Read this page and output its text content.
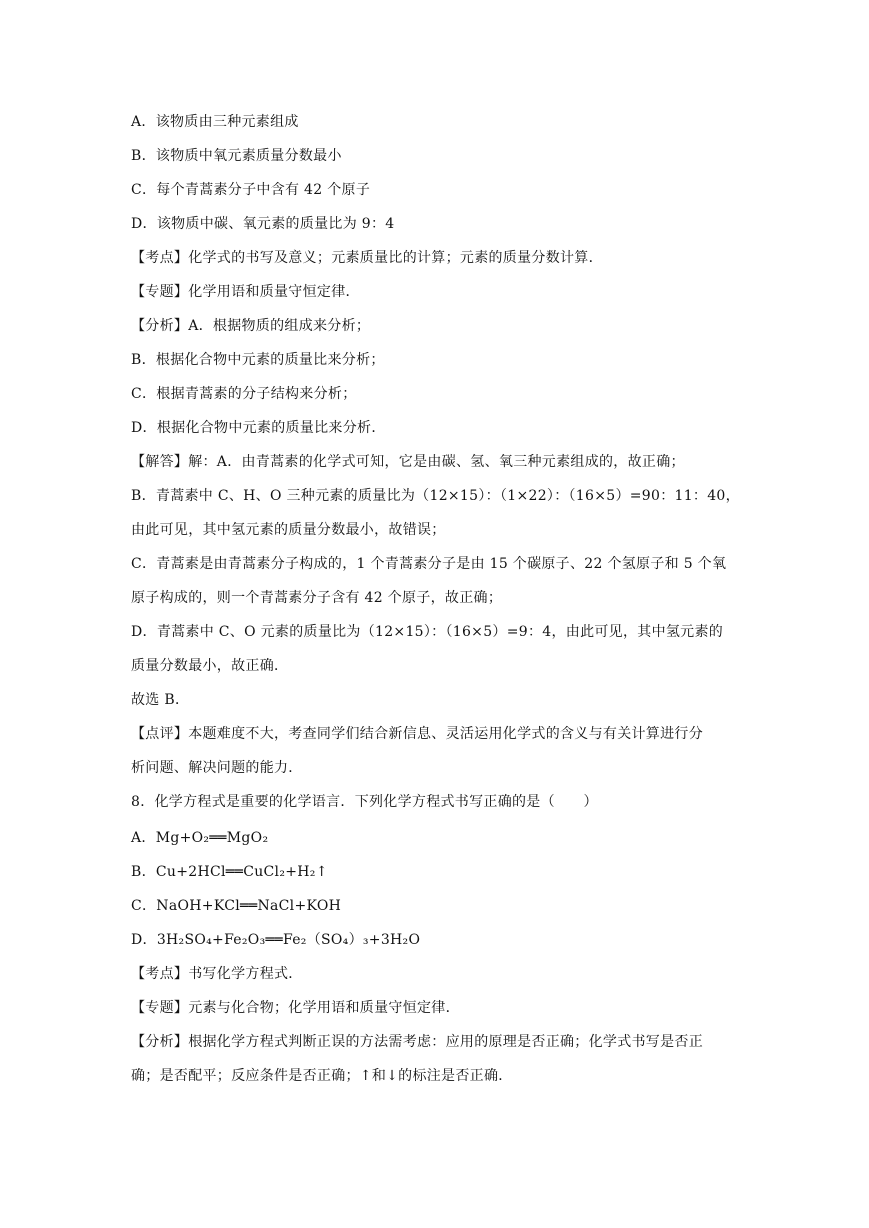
A．该物质由三种元素组成
B．该物质中氧元素质量分数最小
C．每个青蒿素分子中含有 42 个原子
D．该物质中碳、氧元素的质量比为 9：4
【考点】化学式的书写及意义；元素质量比的计算；元素的质量分数计算．
【专题】化学用语和质量守恒定律．
【分析】A．根据物质的组成来分析；
B．根据化合物中元素的质量比来分析；
C．根据青蒿素的分子结构来分析；
D．根据化合物中元素的质量比来分析．
【解答】解：A．由青蒿素的化学式可知，它是由碳、氢、氧三种元素组成的，故正确；
B．青蒿素中 C、H、O 三种元素的质量比为（12×15）：（1×22）：（16×5）=90：11：40，
由此可见，其中氢元素的质量分数最小，故错误；
C．青蒿素是由青蒿素分子构成的，1 个青蒿素分子是由 15 个碳原子、22 个氢原子和 5 个氧
原子构成的，则一个青蒿素分子含有 42 个原子，故正确；
D．青蒿素中 C、O 元素的质量比为（12×15）：（16×5）=9：4，由此可见，其中氢元素的
质量分数最小，故正确．
故选 B．
【点评】本题难度不大，考查同学们结合新信息、灵活运用化学式的含义与有关计算进行分
析问题、解决问题的能力．
8．化学方程式是重要的化学语言．下列化学方程式书写正确的是（　　）
A．Mg+O₂══MgO₂
B．Cu+2HCl══CuCl₂+H₂↑
C．NaOH+KCl══NaCl+KOH
D．3H₂SO₄+Fe₂O₃══Fe₂（SO₄）₃+3H₂O
【考点】书写化学方程式．
【专题】元素与化合物；化学用语和质量守恒定律．
【分析】根据化学方程式判断正误的方法需考虑：应用的原理是否正确；化学式书写是否正
确；是否配平；反应条件是否正确；↑和↓的标注是否正确．
